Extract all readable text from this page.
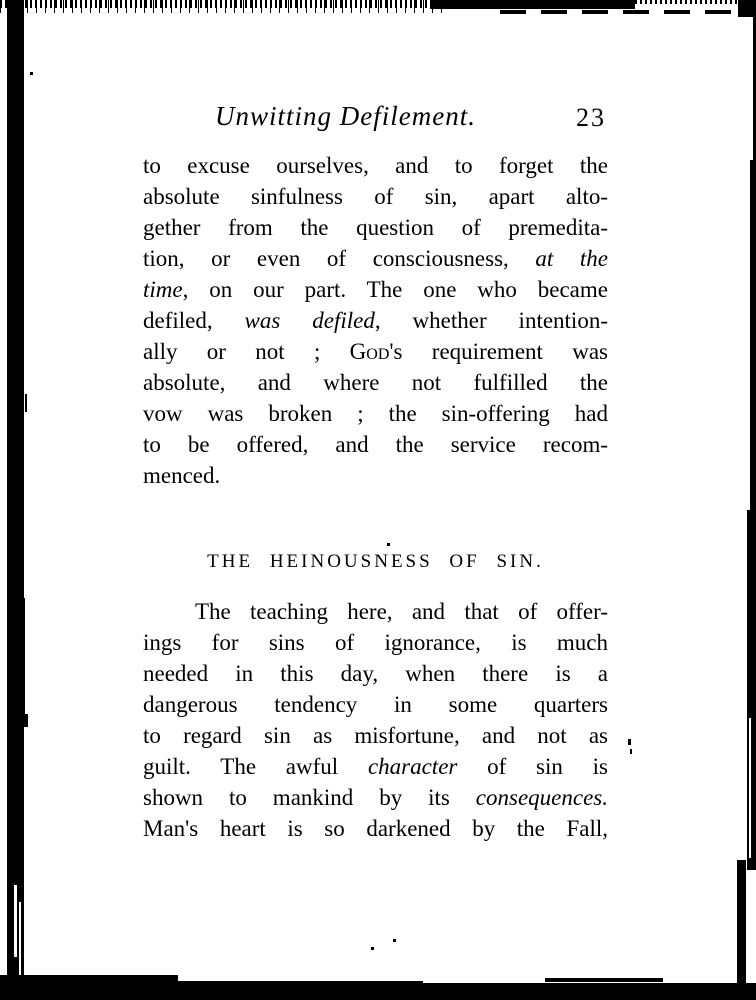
Unwitting Defilement.	23
to excuse ourselves, and to forget the
absolute sinfulness of sin, apart alto-
gether from the question of premedita-
tion, or even of consciousness, at the
time, on our part. The one who became
defiled, was defiled, whether intention-
ally or not ; God's requirement was
absolute, and where not fulfilled the
vow was broken ; the sin-offering had
to be offered, and the service recom-
menced.
THE HEINOUSNESS OF SIN.
The teaching here, and that of offer-
ings for sins of ignorance, is much
needed in this day, when there is a
dangerous tendency in some quarters
to regard sin as misfortune, and not as
guilt. The awful character of sin is
shown to mankind by its consequences.
Man's heart is so darkened by the Fall,
